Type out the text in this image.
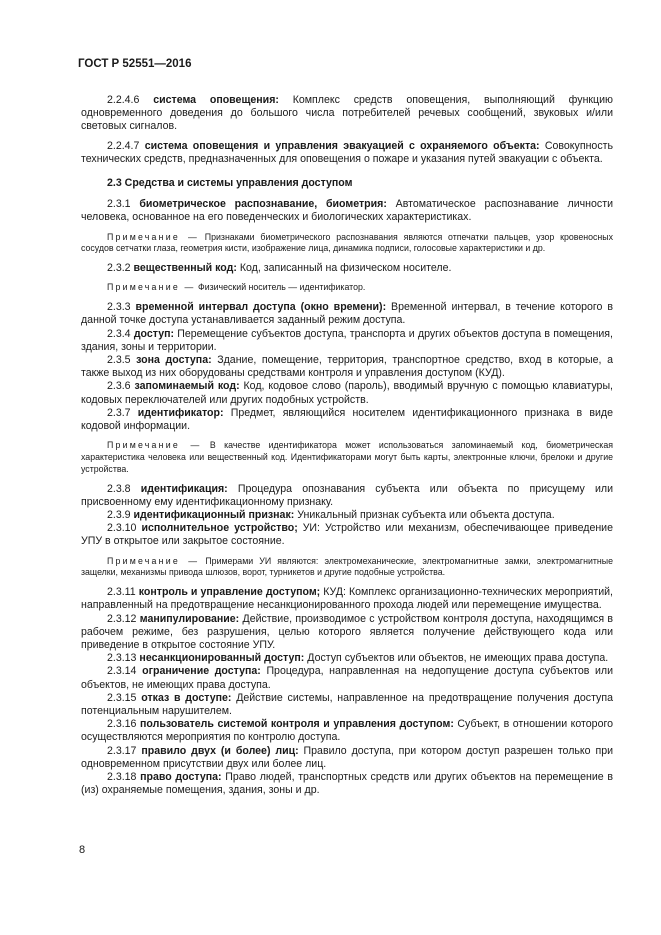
ГОСТ Р 52551—2016

2.2.4.6 система оповещения: Комплекс средств оповещения, выполняющий функцию одновременного доведения до большого числа потребителей речевых сообщений, звуковых и/или световых сигналов.

2.2.4.7 система оповещения и управления эвакуацией с охраняемого объекта: Совокупность технических средств, предназначенных для оповещения о пожаре и указания путей эвакуации с объекта.

2.3 Средства и системы управления доступом

2.3.1 биометрическое распознавание, биометрия: Автоматическое распознавание личности человека, основанное на его поведенческих и биологических характеристиках.

Примечание — Признаками биометрического распознавания являются отпечатки пальцев, узор кровеносных сосудов сетчатки глаза, геометрия кисти, изображение лица, динамика подписи, голосовые характеристики и др.

2.3.2 вещественный код: Код, записанный на физическом носителе.

Примечание — Физический носитель — идентификатор.

2.3.3 временной интервал доступа (окно времени): Временной интервал, в течение которого в данной точке доступа устанавливается заданный режим доступа.

2.3.4 доступ: Перемещение субъектов доступа, транспорта и других объектов доступа в помещения, здания, зоны и территории.

2.3.5 зона доступа: Здание, помещение, территория, транспортное средство, вход в которые, а также выход из них оборудованы средствами контроля и управления доступом (КУД).

2.3.6 запоминаемый код: Код, кодовое слово (пароль), вводимый вручную с помощью клавиатуры, кодовых переключателей или других подобных устройств.

2.3.7 идентификатор: Предмет, являющийся носителем идентификационного признака в виде кодовой информации.

Примечание — В качестве идентификатора может использоваться запоминаемый код, биометрическая характеристика человека или вещественный код. Идентификаторами могут быть карты, электронные ключи, брелоки и другие устройства.

2.3.8 идентификация: Процедура опознавания субъекта или объекта по присущему или присвоенному ему идентификационному признаку.

2.3.9 идентификационный признак: Уникальный признак субъекта или объекта доступа.

2.3.10 исполнительное устройство; УИ: Устройство или механизм, обеспечивающее приведение УПУ в открытое или закрытое состояние.

Примечание — Примерами УИ являются: электромеханические, электромагнитные замки, электромагнитные защелки, механизмы привода шлюзов, ворот, турникетов и другие подобные устройства.

2.3.11 контроль и управление доступом; КУД: Комплекс организационно-технических мероприятий, направленный на предотвращение несанкционированного прохода людей или перемещение имущества.

2.3.12 манипулирование: Действие, производимое с устройством контроля доступа, находящимся в рабочем режиме, без разрушения, целью которого является получение действующего кода или приведение в открытое состояние УПУ.

2.3.13 несанкционированный доступ: Доступ субъектов или объектов, не имеющих права доступа.

2.3.14 ограничение доступа: Процедура, направленная на недопущение доступа субъектов или объектов, не имеющих права доступа.

2.3.15 отказ в доступе: Действие системы, направленное на предотвращение получения доступа потенциальным нарушителем.

2.3.16 пользователь системой контроля и управления доступом: Субъект, в отношении которого осуществляются мероприятия по контролю доступа.

2.3.17 правило двух (и более) лиц: Правило доступа, при котором доступ разрешен только при одновременном присутствии двух или более лиц.

2.3.18 право доступа: Право людей, транспортных средств или других объектов на перемещение в (из) охраняемые помещения, здания, зоны и др.

8
